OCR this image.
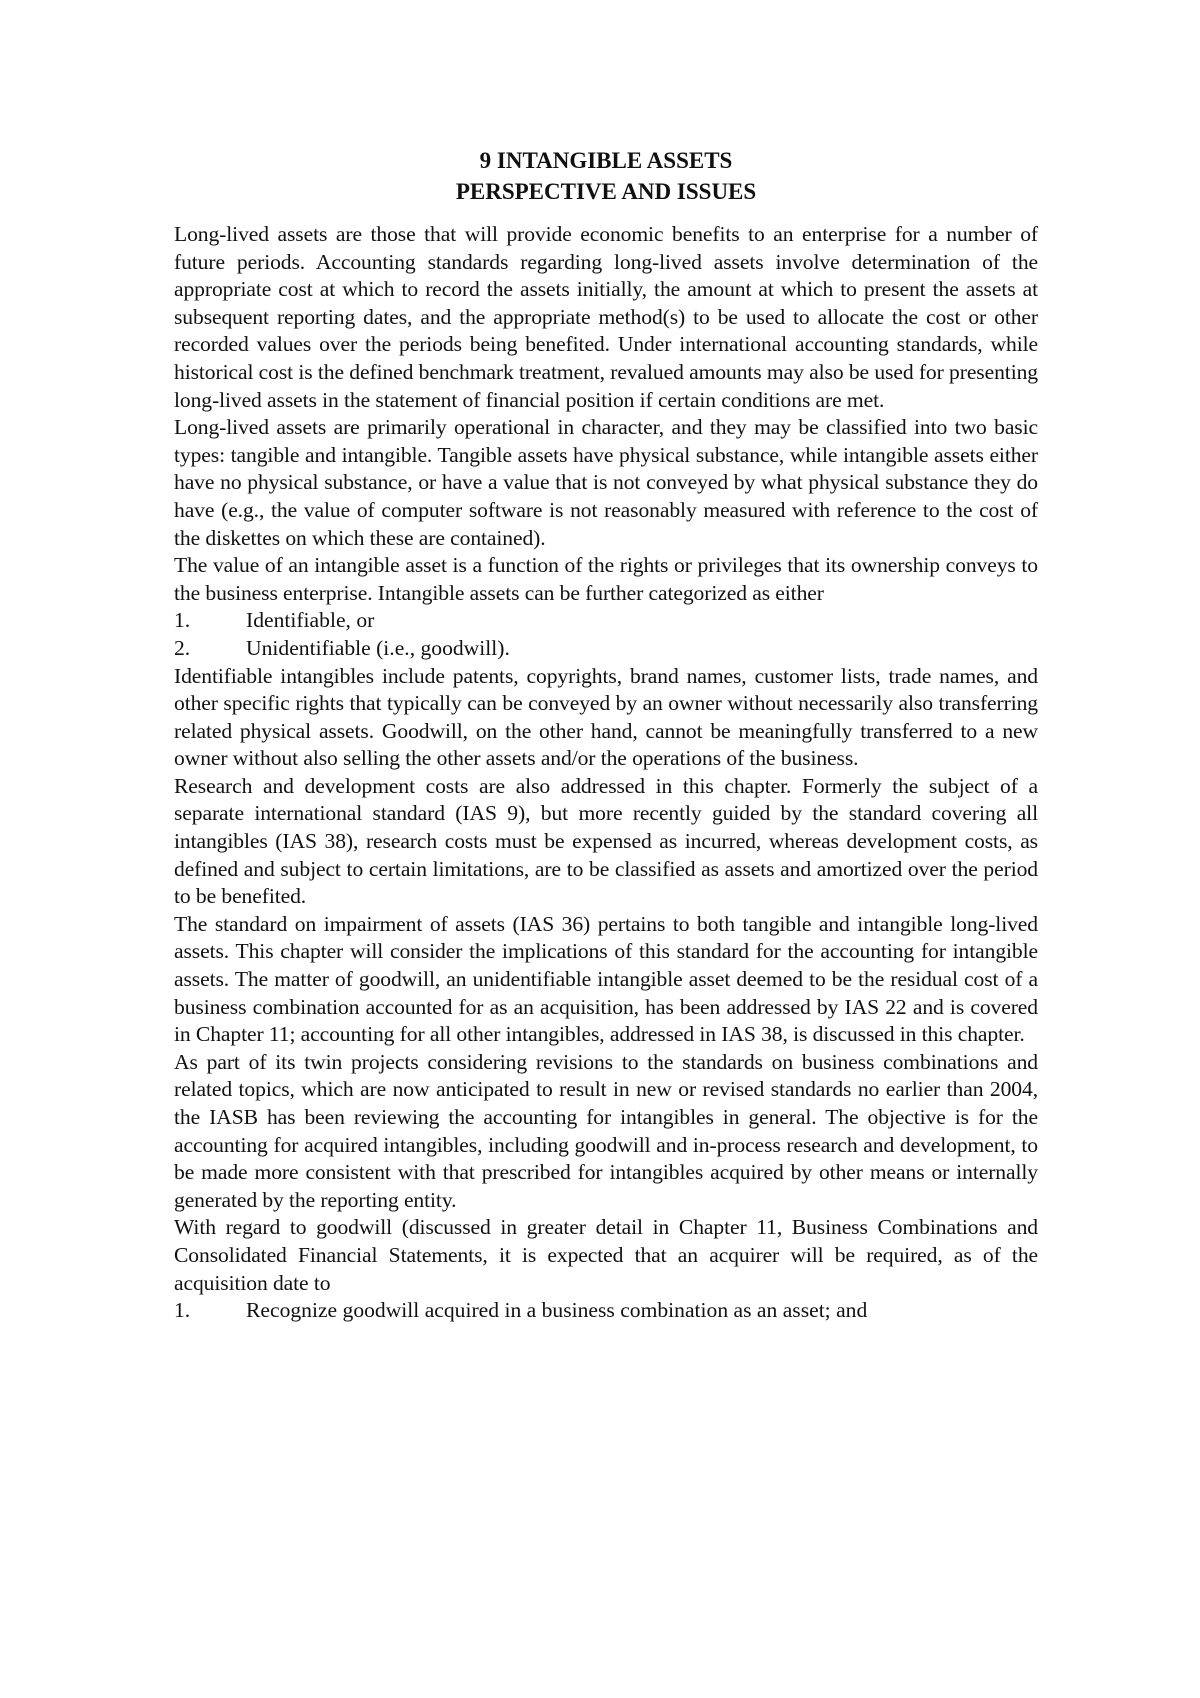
9 INTANGIBLE ASSETS

PERSPECTIVE AND ISSUES

Long-lived assets are those that will provide economic benefits to an enterprise for a number of future periods. Accounting standards regarding long-lived assets involve determination of the appropriate cost at which to record the assets initially, the amount at which to present the assets at subsequent reporting dates, and the appropriate method(s) to be used to allocate the cost or other recorded values over the periods being benefited. Under international accounting standards, while historical cost is the defined benchmark treatment, revalued amounts may also be used for presenting long-lived assets in the statement of financial position if certain conditions are met.

Long-lived assets are primarily operational in character, and they may be classified into two basic types: tangible and intangible. Tangible assets have physical substance, while intangible assets either have no physical substance, or have a value that is not conveyed by what physical substance they do have (e.g., the value of computer software is not reasonably measured with reference to the cost of the diskettes on which these are contained).

The value of an intangible asset is a function of the rights or privileges that its ownership conveys to the business enterprise. Intangible assets can be further categorized as either

1.	Identifiable, or
2.	Unidentifiable (i.e., goodwill).

Identifiable intangibles include patents, copyrights, brand names, customer lists, trade names, and other specific rights that typically can be conveyed by an owner without necessarily also transferring related physical assets. Goodwill, on the other hand, cannot be meaningfully transferred to a new owner without also selling the other assets and/or the operations of the business.

Research and development costs are also addressed in this chapter. Formerly the subject of a separate international standard (IAS 9), but more recently guided by the standard covering all intangibles (IAS 38), research costs must be expensed as incurred, whereas development costs, as defined and subject to certain limitations, are to be classified as assets and amortized over the period to be benefited.

The standard on impairment of assets (IAS 36) pertains to both tangible and intangible long-lived assets. This chapter will consider the implications of this standard for the accounting for intangible assets. The matter of goodwill, an unidentifiable intangible asset deemed to be the residual cost of a business combination accounted for as an acquisition, has been addressed by IAS 22 and is covered in Chapter 11; accounting for all other intangibles, addressed in IAS 38, is discussed in this chapter.

As part of its twin projects considering revisions to the standards on business combinations and related topics, which are now anticipated to result in new or revised standards no earlier than 2004, the IASB has been reviewing the accounting for intangibles in general. The objective is for the accounting for acquired intangibles, including goodwill and in-process research and development, to be made more consistent with that prescribed for intangibles acquired by other means or internally generated by the reporting entity.

With regard to goodwill (discussed in greater detail in Chapter 11, Business Combinations and Consolidated Financial Statements, it is expected that an acquirer will be required, as of the acquisition date to

1.	Recognize goodwill acquired in a business combination as an asset; and
